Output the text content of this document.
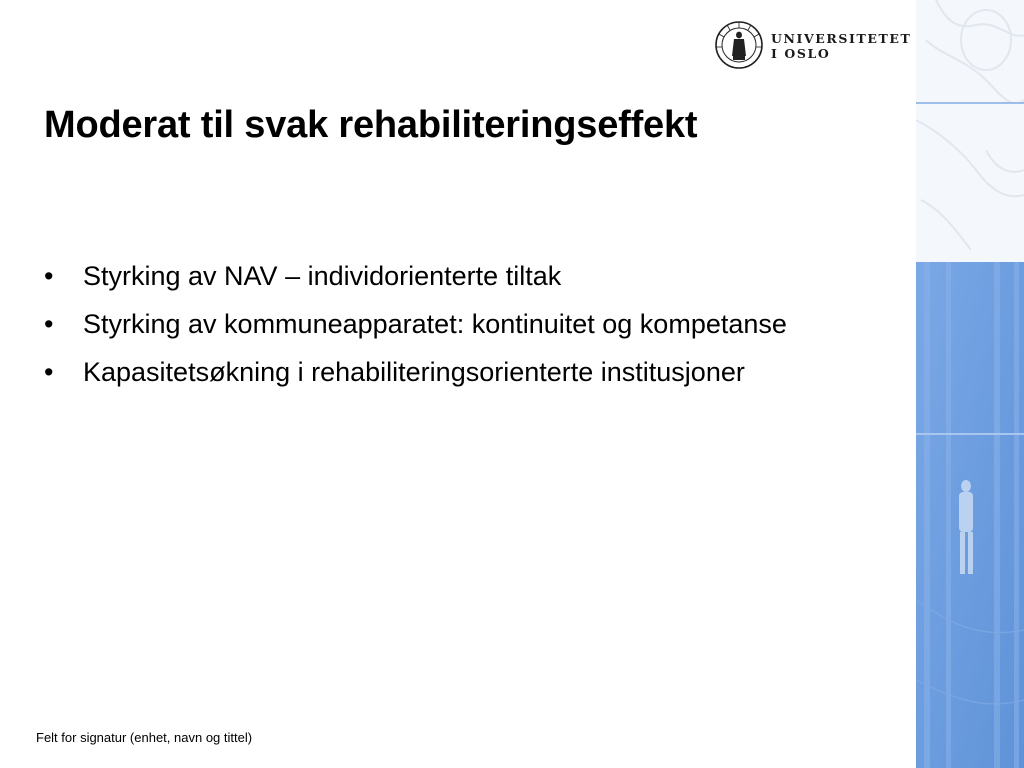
UNIVERSITETET
I OSLO
Moderat til svak rehabiliteringseffekt
• Styrking av NAV – individorienterte tiltak
• Styrking av kommuneapparatet: kontinuitet og kompetanse
• Kapasitetsøkning i rehabiliteringsorienterte institusjoner
Felt for signatur (enhet, navn og tittel)
